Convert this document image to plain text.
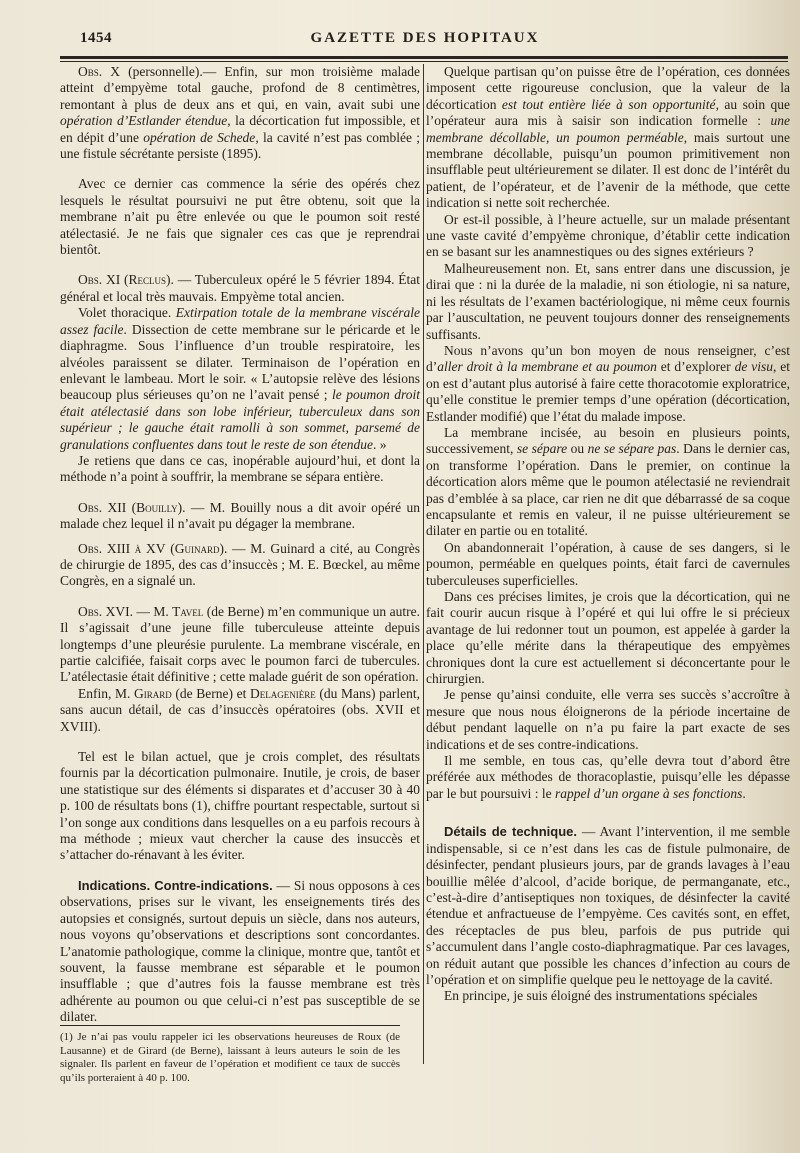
1454	GAZETTE DES HOPITAUX

Obs. X (personnelle).— Enfin, sur mon troisième malade atteint d’empyème total gauche, profond de 8 centimètres, remontant à plus de deux ans et qui, en vain, avait subi une opération d’Estlander étendue, la décortication fut impossible, et en dépit d’une opération de Schede, la cavité n’est pas comblée ; une fistule sécrétante persiste (1895).

Avec ce dernier cas commence la série des opérés chez lesquels le résultat poursuivi ne put être obtenu, soit que la membrane n’ait pu être enlevée ou que le poumon soit resté atélectasié. Je ne fais que signaler ces cas que je reprendrai bientôt.

Obs. XI (Reclus). — Tuberculeux opéré le 5 février 1894. État général et local très mauvais. Empyème total ancien.

Volet thoracique. Extirpation totale de la membrane viscérale assez facile. Dissection de cette membrane sur le péricarde et le diaphragme. Sous l’influence d’un trouble respiratoire, les alvéoles paraissent se dilater. Terminaison de l’opération en enlevant le lambeau. Mort le soir. « L’autopsie relève des lésions beaucoup plus sérieuses qu’on ne l’avait pensé ; le poumon droit était atélectasié dans son lobe inférieur, tuberculeux dans son supérieur ; le gauche était ramolli à son sommet, parsemé de granulations confluentes dans tout le reste de son étendue. »

Je retiens que dans ce cas, inopérable aujourd’hui, et dont la méthode n’a point à souffrir, la membrane se sépara entière.

Obs. XII (Bouilly). — M. Bouilly nous a dit avoir opéré un malade chez lequel il n’avait pu dégager la membrane.

Obs. XIII à XV (Guinard). — M. Guinard a cité, au Congrès de chirurgie de 1895, des cas d’insuccès ; M. E. Bœckel, au même Congrès, en a signalé un.

Obs. XVI. — M. Tavel (de Berne) m’en communique un autre. Il s’agissait d’une jeune fille tuberculeuse atteinte depuis longtemps d’une pleurésie purulente. La membrane viscérale, en partie calcifiée, faisait corps avec le poumon farci de tubercules. L’atélectasie était définitive ; cette malade guérit de son opération.

Enfin, M. Girard (de Berne) et Delagenière (du Mans) parlent, sans aucun détail, de cas d’insuccès opératoires (obs. XVII et XVIII).

Tel est le bilan actuel, que je crois complet, des résultats fournis par la décortication pulmonaire. Inutile, je crois, de baser une statistique sur des éléments si disparates et d’accuser 30 à 40 p. 100 de résultats bons (1), chiffre pourtant respectable, surtout si l’on songe aux conditions dans lesquelles on a eu parfois recours à ma méthode ; mieux vaut chercher la cause des insuccès et s’attacher do-rénavant à les éviter.

Indications. Contre-indications. — Si nous opposons à ces observations, prises sur le vivant, les enseignements tirés des autopsies et consignés, surtout depuis un siècle, dans nos auteurs, nous voyons qu’observations et descriptions sont concordantes. L’anatomie pathologique, comme la clinique, montre que, tantôt et souvent, la fausse membrane est séparable et le poumon insufflable ; que d’autres fois la fausse membrane est très adhérente au poumon ou que celui-ci n’est pas susceptible de se dilater.

(1) Je n’ai pas voulu rappeler ici les observations heureuses de Roux (de Lausanne) et de Girard (de Berne), laissant à leurs auteurs le soin de les signaler. Ils parlent en faveur de l’opération et modifient ce taux de succès qu’ils porteraient à 40 p. 100.

Quelque partisan qu’on puisse être de l’opération, ces données imposent cette rigoureuse conclusion, que la valeur de la décortication est tout entière liée à son opportunité, au soin que l’opérateur aura mis à saisir son indication formelle : une membrane décollable, un poumon perméable, mais surtout une membrane décollable, puisqu’un poumon primitivement non insufflable peut ultérieurement se dilater. Il est donc de l’intérêt du patient, de l’opérateur, et de l’avenir de la méthode, que cette indication si nette soit recherchée.

Or est-il possible, à l’heure actuelle, sur un malade présentant une vaste cavité d’empyème chronique, d’établir cette indication en se basant sur les anamnestiques ou des signes extérieurs ?

Malheureusement non. Et, sans entrer dans une discussion, je dirai que : ni la durée de la maladie, ni son étiologie, ni sa nature, ni les résultats de l’examen bactériologique, ni même ceux fournis par l’auscultation, ne peuvent toujours donner des renseignements suffisants.

Nous n’avons qu’un bon moyen de nous renseigner, c’est d’aller droit à la membrane et au poumon et d’explorer de visu, et on est d’autant plus autorisé à faire cette thoracotomie exploratrice, qu’elle constitue le premier temps d’une opération (décortication, Estlander modifié) que l’état du malade impose.

La membrane incisée, au besoin en plusieurs points, successivement, se sépare ou ne se sépare pas. Dans le dernier cas, on transforme l’opération. Dans le premier, on continue la décortication alors même que le poumon atélectasié ne reviendrait pas d’emblée à sa place, car rien ne dit que débarrassé de sa coque encapsulante et remis en valeur, il ne puisse ultérieurement se dilater en partie ou en totalité.

On abandonnerait l’opération, à cause de ses dangers, si le poumon, perméable en quelques points, était farci de cavernules tuberculeuses superficielles.

Dans ces précises limites, je crois que la décortication, qui ne fait courir aucun risque à l’opéré et qui lui offre le si précieux avantage de lui redonner tout un poumon, est appelée à garder la place qu’elle mérite dans la thérapeutique des empyèmes chroniques dont la cure est actuellement si déconcertante pour le chirurgien.

Je pense qu’ainsi conduite, elle verra ses succès s’accroître à mesure que nous nous éloignerons de la période incertaine de début pendant laquelle on n’a pu faire la part exacte de ses indications et de ses contre-indications.

Il me semble, en tous cas, qu’elle devra tout d’abord être préférée aux méthodes de thoracoplastie, puisqu’elle les dépasse par le but poursuivi : le rappel d’un organe à ses fonctions.

Détails de technique. — Avant l’intervention, il me semble indispensable, si ce n’est dans les cas de fistule pulmonaire, de désinfecter, pendant plusieurs jours, par de grands lavages à l’eau bouillie mêlée d’alcool, d’acide borique, de permanganate, etc., c’est-à-dire d’antiseptiques non toxiques, de désinfecter la cavité étendue et anfractueuse de l’empyème. Ces cavités sont, en effet, des réceptacles de pus bleu, parfois de pus putride qui s’accumulent dans l’angle costo-diaphragmatique. Par ces lavages, on réduit autant que possible les chances d’infection au cours de l’opération et on simplifie quelque peu le nettoyage de la cavité.

En principe, je suis éloigné des instrumentations spéciales
